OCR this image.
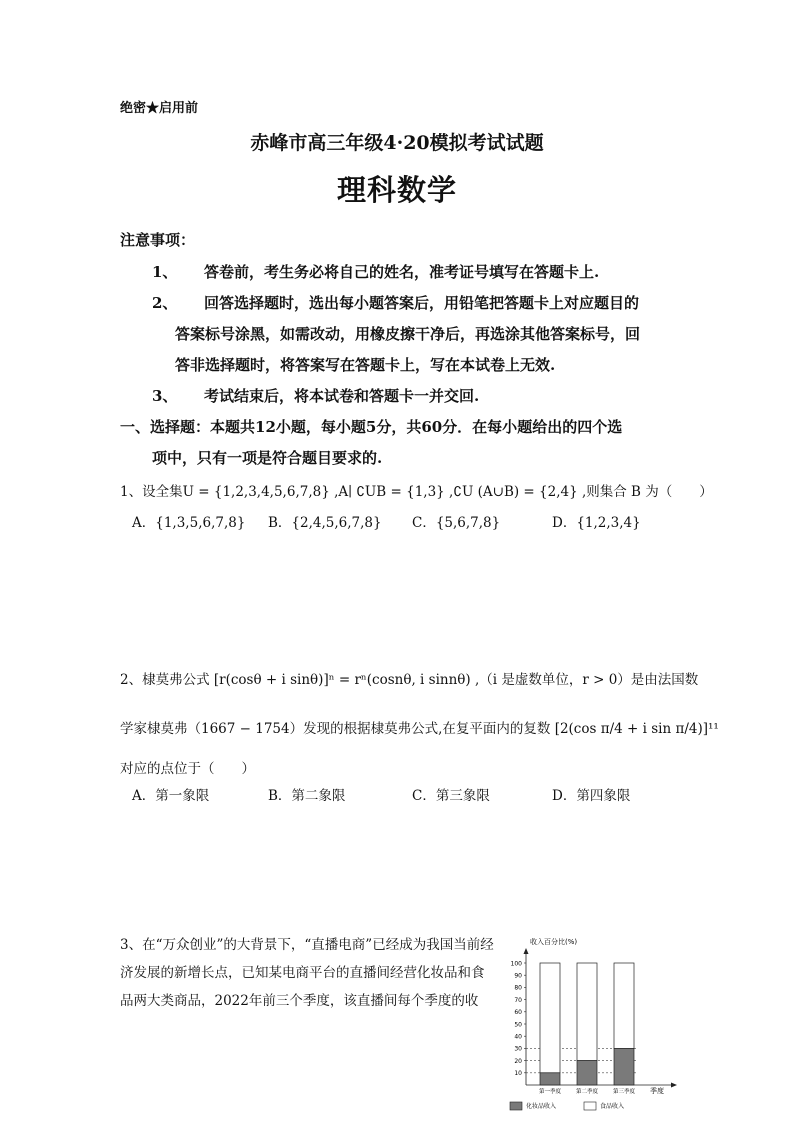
绝密★启用前
赤峰市高三年级4·20模拟考试试题
理科数学
注意事项：
1、 答卷前，考生务必将自己的姓名，准考证号填写在答题卡上.
2、 回答选择题时，选出每小题答案后，用铅笔把答题卡上对应题目的
答案标号涂黑，如需改动，用橡皮擦干净后，再选涂其他答案标号，回
答非选择题时，将答案写在答题卡上，写在本试卷上无效.
3、 考试结束后，将本试卷和答题卡一并交回.
一、选择题：本题共12小题，每小题5分，共60分．在每小题给出的四个选
项中，只有一项是符合题目要求的.
1、设全集U = {1,2,3,4,5,6,7,8} ,A∣ ∁UB = {1,3} ,∁U (A∪B) = {2,4} ,则集合 B 为（　　）
A．{1,3,5,6,7,8} B．{2,4,5,6,7,8} C．{5,6,7,8}	D．{1,2,3,4}
2、棣莫弗公式 [r(cosθ + i sinθ)]ⁿ = rⁿ(cosnθ, i sinnθ) ,（i 是虚数单位，r > 0）是由法国数
学家棣莫弗（1667 − 1754）发现的根据棣莫弗公式,在复平面内的复数 [2(cos π/4 + i sin π/4)]¹¹
对应的点位于（　　）
A．第一象限	B．第二象限	C．第三象限	D．第四象限
3、在“万众创业”的大背景下，“直播电商”已经成为我国当前经
济发展的新增长点，已知某电商平台的直播间经营化妆品和食
品两大类商品，2022年前三个季度，该直播间每个季度的收
收入百分比(%)
季度
化妆品收入	食品收入
10
20
30
40
50
60
70
80
90
100
第一季度	第二季度	第三季度
